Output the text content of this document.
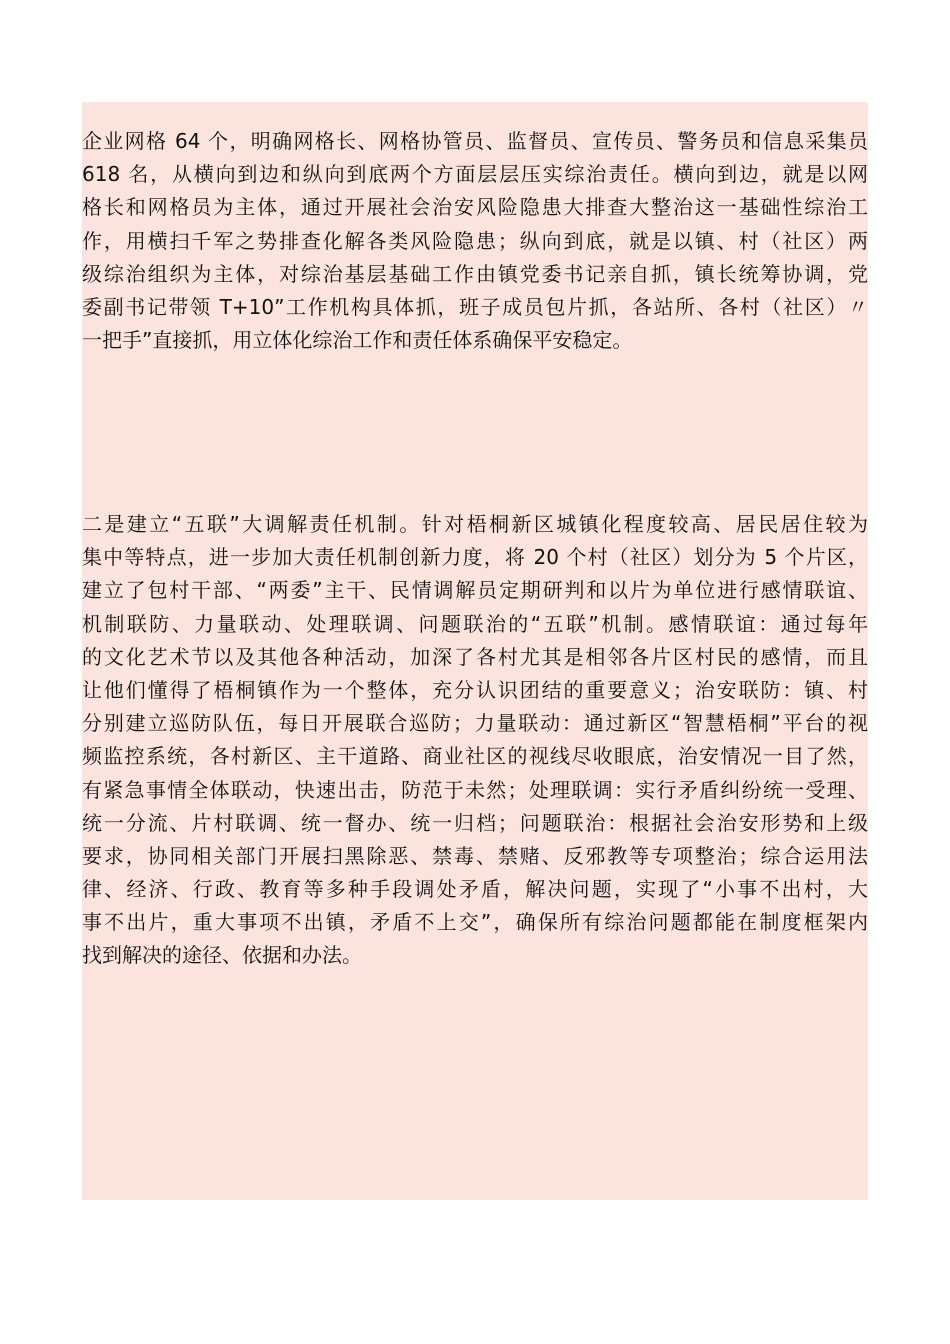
企业网格 64 个，明确网格长、网格协管员、监督员、宣传员、警务员和信息采集员
618 名，从横向到边和纵向到底两个方面层层压实综治责任。横向到边，就是以网
格长和网格员为主体，通过开展社会治安风险隐患大排查大整治这一基础性综治工
作，用横扫千军之势排查化解各类风险隐患；纵向到底，就是以镇、村（社区）两
级综治组织为主体，对综治基层基础工作由镇党委书记亲自抓，镇长统筹协调，党
委副书记带领 T+10”工作机构具体抓，班子成员包片抓，各站所、各村（社区）〃
一把手”直接抓，用立体化综治工作和责任体系确保平安稳定。
二是建立“五联”大调解责任机制。针对梧桐新区城镇化程度较高、居民居住较为
集中等特点，进一步加大责任机制创新力度，将 20 个村（社区）划分为 5 个片区，
建立了包村干部、“两委”主干、民情调解员定期研判和以片为单位进行感情联谊、
机制联防、力量联动、处理联调、问题联治的“五联”机制。感情联谊：通过每年
的文化艺术节以及其他各种活动，加深了各村尤其是相邻各片区村民的感情，而且
让他们懂得了梧桐镇作为一个整体，充分认识团结的重要意义；治安联防：镇、村
分别建立巡防队伍，每日开展联合巡防；力量联动：通过新区“智慧梧桐”平台的视
频监控系统，各村新区、主干道路、商业社区的视线尽收眼底，治安情况一目了然，
有紧急事情全体联动，快速出击，防范于未然；处理联调：实行矛盾纠纷统一受理、
统一分流、片村联调、统一督办、统一归档；问题联治：根据社会治安形势和上级
要求，协同相关部门开展扫黑除恶、禁毒、禁赌、反邪教等专项整治；综合运用法
律、经济、行政、教育等多种手段调处矛盾，解决问题，实现了“小事不出村，大
事不出片，重大事项不出镇，矛盾不上交”，确保所有综治问题都能在制度框架内
找到解决的途径、依据和办法。
